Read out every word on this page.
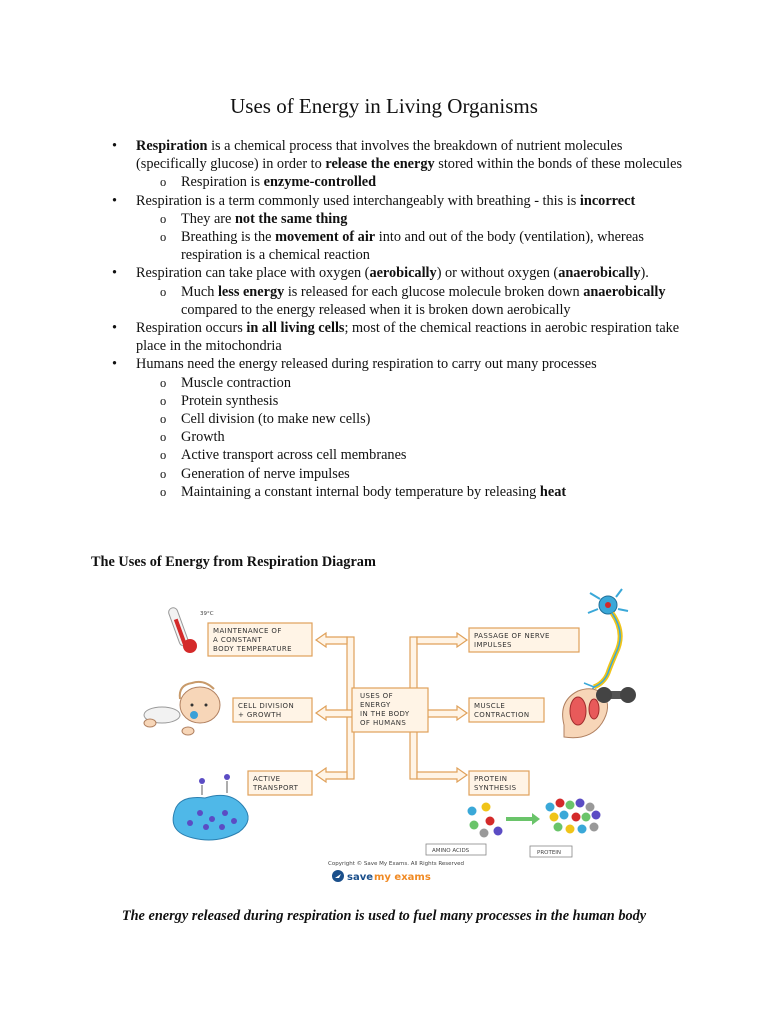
Uses of Energy in Living Organisms
• Respiration is a chemical process that involves the breakdown of nutrient molecules (specifically glucose) in order to release the energy stored within the bonds of these molecules
o Respiration is enzyme-controlled
• Respiration is a term commonly used interchangeably with breathing - this is incorrect
o They are not the same thing
o Breathing is the movement of air into and out of the body (ventilation), whereas respiration is a chemical reaction
• Respiration can take place with oxygen (aerobically) or without oxygen (anaerobically).
o Much less energy is released for each glucose molecule broken down anaerobically compared to the energy released when it is broken down aerobically
• Respiration occurs in all living cells; most of the chemical reactions in aerobic respiration take place in the mitochondria
• Humans need the energy released during respiration to carry out many processes
o Muscle contraction
o Protein synthesis
o Cell division (to make new cells)
o Growth
o Active transport across cell membranes
o Generation of nerve impulses
o Maintaining a constant internal body temperature by releasing heat

The Uses of Energy from Respiration Diagram

USES OF
ENERGY
IN THE BODY
OF HUMANS
MAINTENANCE OF
A CONSTANT
BODY TEMPERATURE
CELL DIVISION
+ GROWTH
ACTIVE
TRANSPORT
PASSAGE OF NERVE
IMPULSES
MUSCLE
CONTRACTION
PROTEIN
SYNTHESIS
39°C
AMINO ACIDS	PROTEIN
Copyright © Save My Exams. All Rights Reserved
save my exams

The energy released during respiration is used to fuel many processes in the human body
